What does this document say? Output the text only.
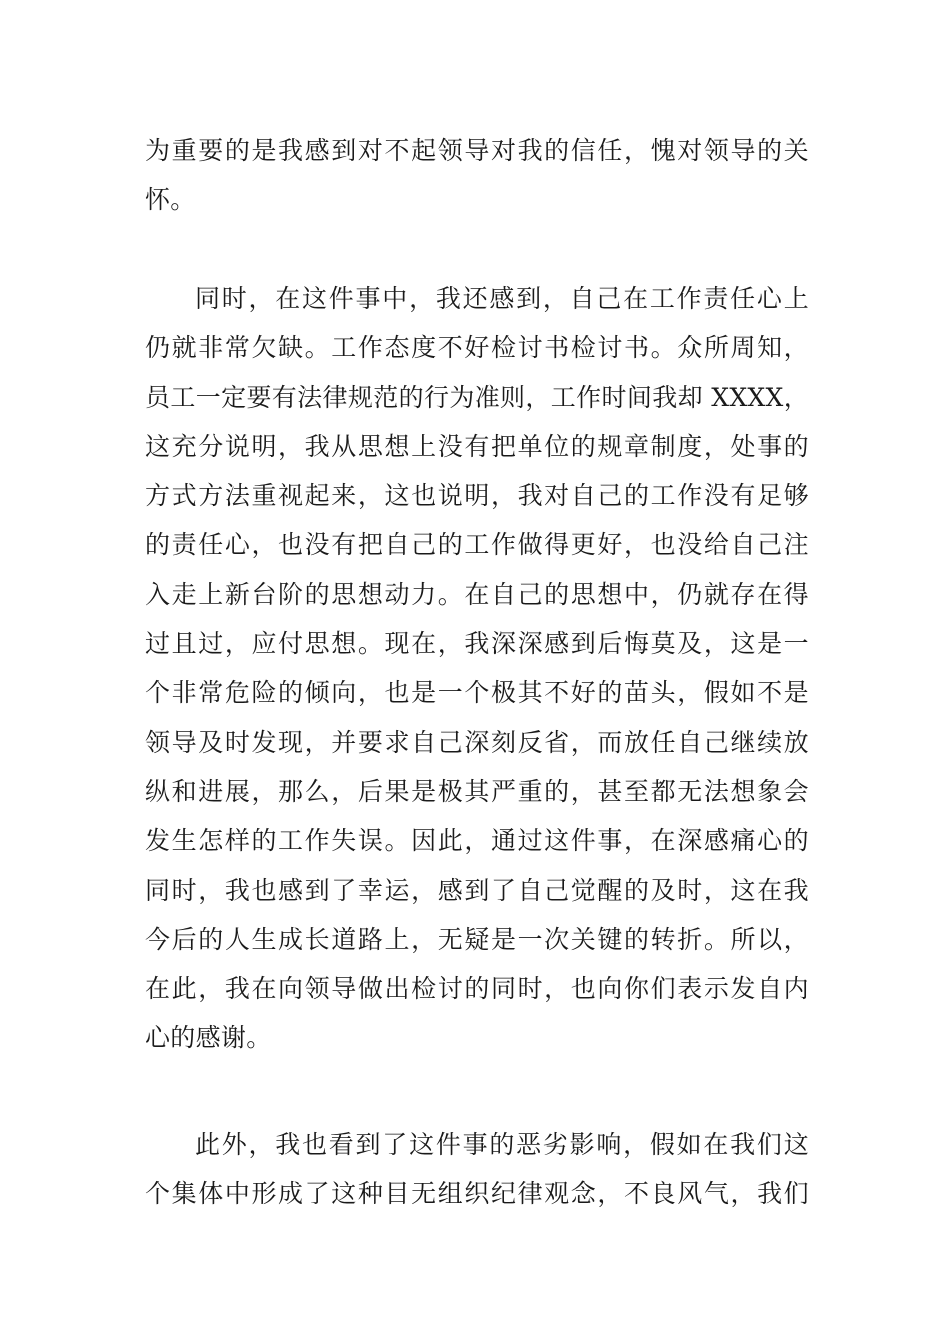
为重要的是我感到对不起领导对我的信任，愧对领导的关
怀。
同时，在这件事中，我还感到，自己在工作责任心上
仍就非常欠缺。工作态度不好检讨书检讨书。众所周知，
员工一定要有法律规范的行为准则，工作时间我却 XXXX，
这充分说明，我从思想上没有把单位的规章制度，处事的
方式方法重视起来，这也说明，我对自己的工作没有足够
的责任心，也没有把自己的工作做得更好，也没给自己注
入走上新台阶的思想动力。在自己的思想中，仍就存在得
过且过，应付思想。现在，我深深感到后悔莫及，这是一
个非常危险的倾向，也是一个极其不好的苗头，假如不是
领导及时发现，并要求自己深刻反省，而放任自己继续放
纵和进展，那么，后果是极其严重的，甚至都无法想象会
发生怎样的工作失误。因此，通过这件事，在深感痛心的
同时，我也感到了幸运，感到了自己觉醒的及时，这在我
今后的人生成长道路上，无疑是一次关键的转折。所以，
在此，我在向领导做出检讨的同时，也向你们表示发自内
心的感谢。
此外，我也看到了这件事的恶劣影响，假如在我们这
个集体中形成了这种目无组织纪律观念，不良风气，我们
